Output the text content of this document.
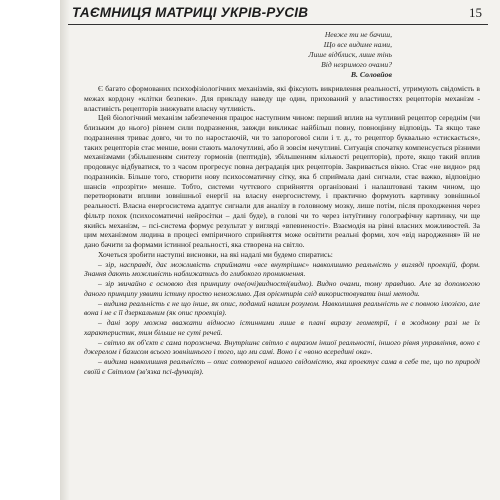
ТАЄМНИЦЯ МАТРИЦІ УКРІВ-РУСІВ	15
Невже ти не бачиш,
Що все видиме нами,
Лише відблиск, лише тінь
Від незримого очами?
В. Соловйов

Є багато сформованих психофізіологічних механізмів, які фіксують викривлення реальності, утримують свідомість в межах кордону «клітки безпеки». Для прикладу наведу ще один, прихований у властивостях рецепторів механізм - властивість рецепторів знижувати власну чутливість.

Цей біологічний механізм забезпечення працює наступним чином: перший вплив на чутливий рецептор середнім (чи близьким до нього) рівнем сили подразнення, завжди викликає найбільш повну, повноцінну відповідь. Та якщо таке подразнення триває довго, чи то по наростаючій, чи то запорогової сили і т. д., то рецептор буквально «стискається», таких рецепторів стає менше, вони стають малочутливі, або й зовсім нечутливі. Ситуація спочатку компенсується різними механізмами (збільшенням синтезу гормонів (пептидів), збільшенням кількості рецепторів), проте, якщо такий вплив продовжує відбуватися, то з часом прогресує повна деградація цих рецепторів. Закривається вікно. Стає «не видно» ряд подразників. Більше того, створити нову психосоматичну сітку, яка б сприймала дані сигнали, стає важко, відповідно шансів «прозріти» менше. Тобто, системи чуттєвого сприйняття організовані і налаштовані таким чином, що перетворювати впливи зовнішньої енергії на власну енергосистему, і практично формують картинку зовнішньої реальності. Власна енергосистема адаптує сигнали для аналізу в головному мозку, лише потім, після проходження через фільтр похок (психосоматичні нейросітки – далі буде), в голові чи то через інтуїтивну голографічну картинку, чи ще якийсь механізм, – псі-система формує результат у вигляді «впевненості». Взаємодія на рівні власних можливостей. За цим механізмом людина в процесі емпіричного сприйняття може освітити реальні форми, хоч «від народження» їй не дано бачити за формами істинної реальності, яка створена на світло.

Хочеться зробити наступні висновки, на які надалі ми будемо спиратись:

– зір, насправді, дає можливість сприймати «все внутрішнє» навколишню реальність у вигляді проекцій, форм. Знання дають можливість наближатись до глибокого проникнення.

– зір звичайно є основою для принципу оче(очі)видності(видно). Видно очами, тому правдиво. Але за допомогою даного принципу уявити істину просто неможливо. Для орієнтирів слід використовувати інші методи.

– видима реальність є не що інше, як опис, поданий нашим розумом. Навколишня реальність не є повною ілюзією, але вона і не є її дзеркальним (як опис проекція).

– дані зору можна вважати відносно істинними лише в плані виразу геометрії, і в жодному разі не їх характеристик, тим більше не суті речей.

– світло як об'єкт є сама порожнеча. Внутрішнє світло є виразом іншої реальності, іншого рівня управління, воно є джерелом і базисом всього зовнішнього і того, що ми самі. Воно і є «воно всередині ока».

– видима навколишня реальність – опис сотвореної нашого свідомістю, яка проектує сама в себе те, що по природі своїй є Світлом (зв'язка псі-функція).
